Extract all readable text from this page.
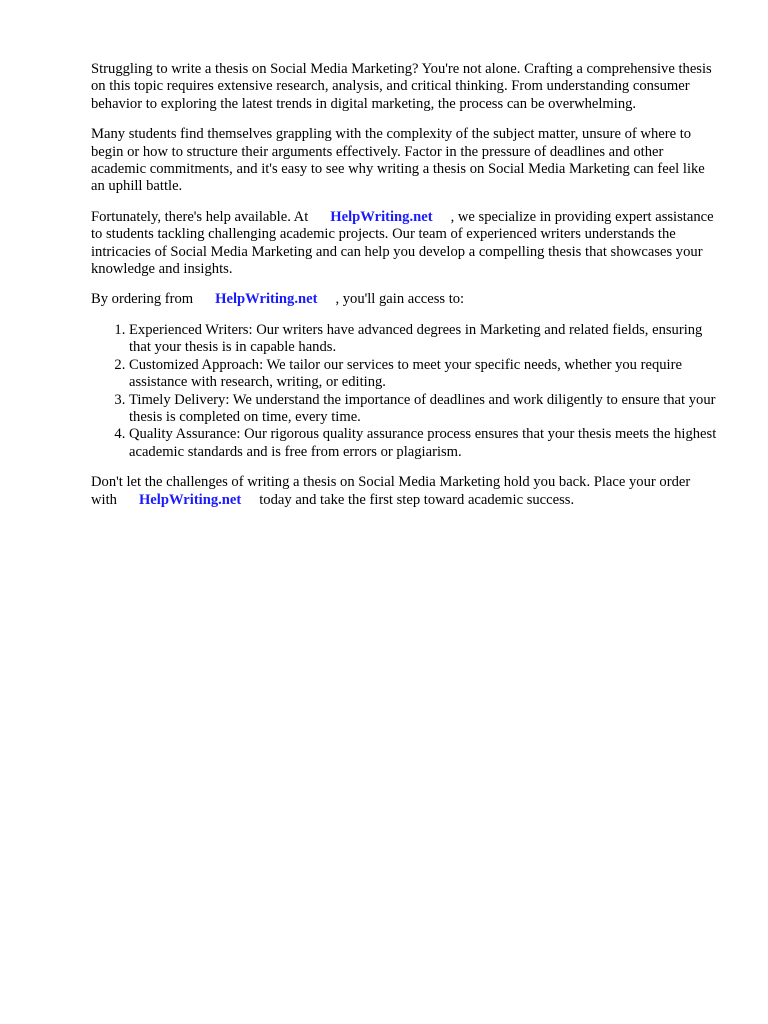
Struggling to write a thesis on Social Media Marketing? You're not alone. Crafting a comprehensive thesis on this topic requires extensive research, analysis, and critical thinking. From understanding consumer behavior to exploring the latest trends in digital marketing, the process can be overwhelming.

Many students find themselves grappling with the complexity of the subject matter, unsure of where to begin or how to structure their arguments effectively. Factor in the pressure of deadlines and other academic commitments, and it's easy to see why writing a thesis on Social Media Marketing can feel like an uphill battle.

Fortunately, there's help available. At HelpWriting.net , we specialize in providing expert assistance to students tackling challenging academic projects. Our team of experienced writers understands the intricacies of Social Media Marketing and can help you develop a compelling thesis that showcases your knowledge and insights.

By ordering from HelpWriting.net , you'll gain access to:

1. Experienced Writers: Our writers have advanced degrees in Marketing and related fields, ensuring that your thesis is in capable hands.
2. Customized Approach: We tailor our services to meet your specific needs, whether you require assistance with research, writing, or editing.
3. Timely Delivery: We understand the importance of deadlines and work diligently to ensure that your thesis is completed on time, every time.
4. Quality Assurance: Our rigorous quality assurance process ensures that your thesis meets the highest academic standards and is free from errors or plagiarism.

Don't let the challenges of writing a thesis on Social Media Marketing hold you back. Place your order with HelpWriting.net today and take the first step toward academic success.
